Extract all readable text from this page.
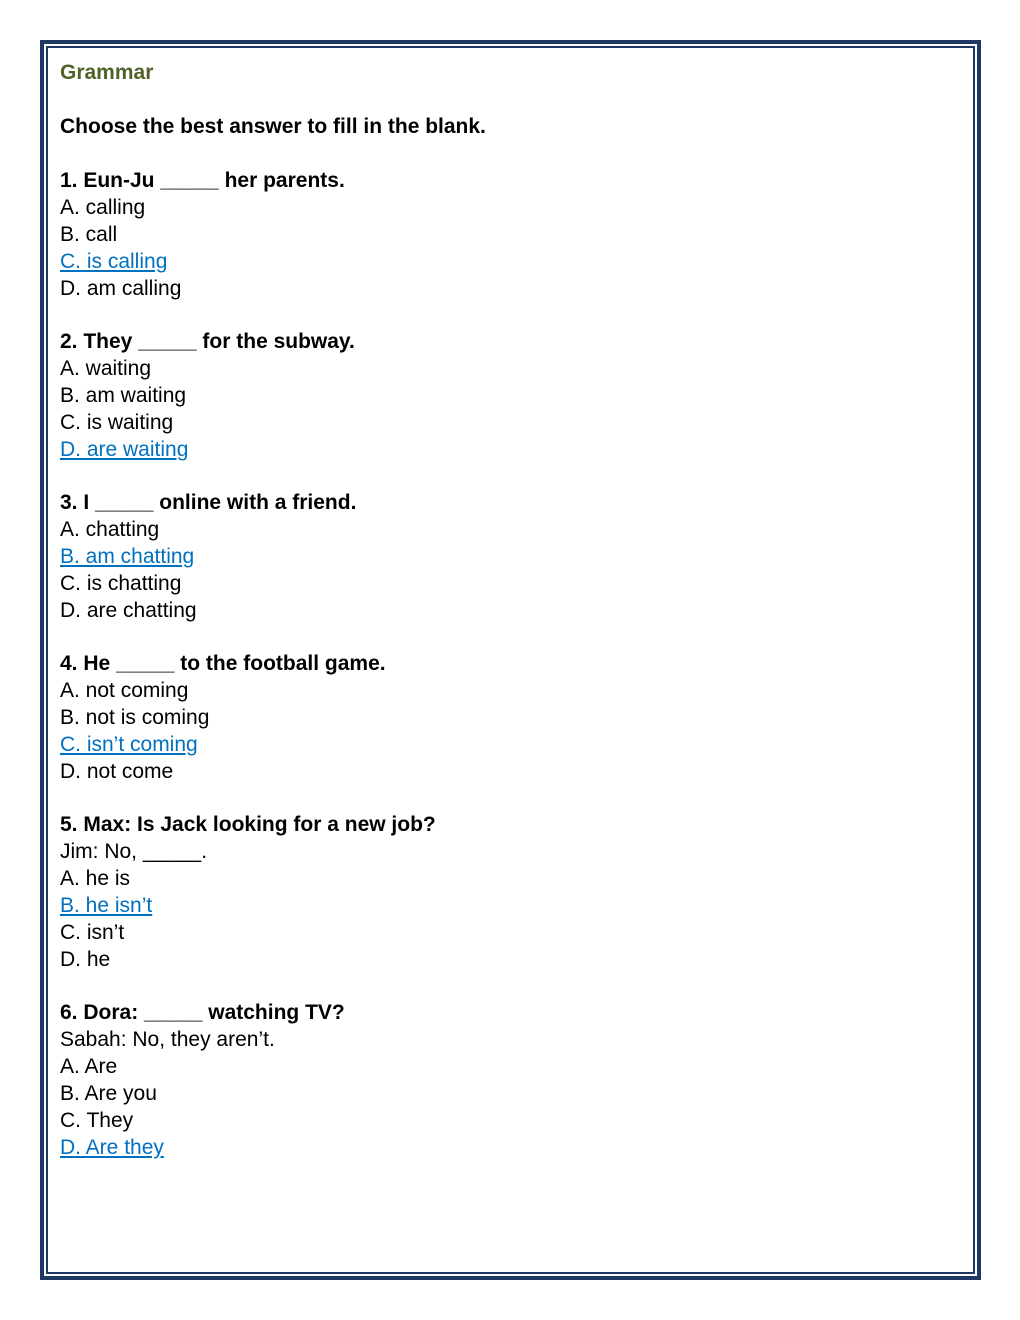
Grammar
Choose the best answer to fill in the blank.
1. Eun-Ju _____ her parents.
A. calling
B. call
C. is calling
D. am calling
2. They _____ for the subway.
A. waiting
B. am waiting
C. is waiting
D. are waiting
3. I _____ online with a friend.
A. chatting
B. am chatting
C. is chatting
D. are chatting
4. He _____ to the football game.
A. not coming
B. not is coming
C. isn’t coming
D. not come
5. Max: Is Jack looking for a new job?
Jim: No, _____.
A. he is
B. he isn’t
C. isn’t
D. he
6. Dora: _____ watching TV?
Sabah: No, they aren’t.
A. Are
B. Are you
C. They
D. Are they
